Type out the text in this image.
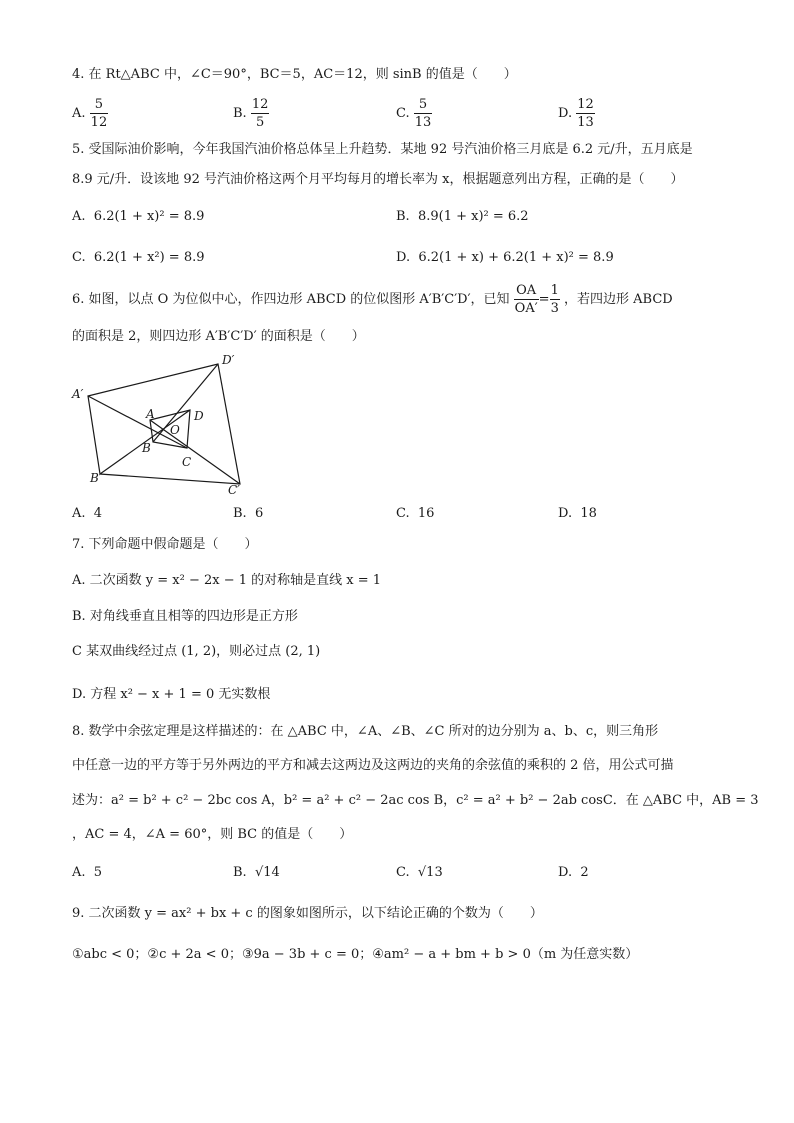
4. 在 Rt△ABC 中，∠C＝90°，BC＝5，AC＝12，则 sinB 的值是（　　）
A. $\frac{5}{12}$	B. $\frac{12}{5}$	C. $\frac{5}{13}$	D. $\frac{12}{13}$
5. 受国际油价影响，今年我国汽油价格总体呈上升趋势．某地 92 号汽油价格三月底是 6.2 元/升，五月底是
8.9 元/升．设该地 92 号汽油价格这两个月平均每月的增长率为 x，根据题意列出方程，正确的是（　　）
A. 6.2(1 + x)² = 8.9	B. 8.9(1 + x)² = 6.2
C. 6.2(1 + x²) = 8.9	D. 6.2(1 + x) + 6.2(1 + x)² = 8.9
6. 如图，以点 O 为位似中心，作四边形 ABCD 的位似图形 A′B′C′D′，已知 $\frac{OA}{OA'} = \frac{1}{3}$ ，若四边形 ABCD
的面积是 2，则四边形 A′B′C′D′ 的面积是（　　）
D′
A′
A	D
O
B
C
B′
C′
A. 4	B. 6	C. 16	D. 18
7. 下列命题中假命题是（　　）
A. 二次函数 y = x² − 2x − 1 的对称轴是直线 x = 1
B. 对角线垂直且相等的四边形是正方形
C 某双曲线经过点 (1, 2)，则必过点 (2, 1)
D. 方程 x² − x + 1 = 0 无实数根
8. 数学中余弦定理是这样描述的：在 △ABC 中，∠A、∠B、∠C 所对的边分别为 a、b、c，则三角形
中任意一边的平方等于另外两边的平方和减去这两边及这两边的夹角的余弦值的乘积的 2 倍，用公式可描
述为：a² = b² + c² − 2bc cos A，b² = a² + c² − 2ac cos B，c² = a² + b² − 2ab cosC．在 △ABC 中，AB = 3
，AC = 4，∠A = 60°，则 BC 的值是（　　）
A. 5	B. √14	C. √13	D. 2
9. 二次函数 y = ax² + bx + c 的图象如图所示，以下结论正确的个数为（　　）
①abc < 0；②c + 2a < 0；③9a − 3b + c = 0；④am² − a + bm + b > 0（m 为任意实数）
